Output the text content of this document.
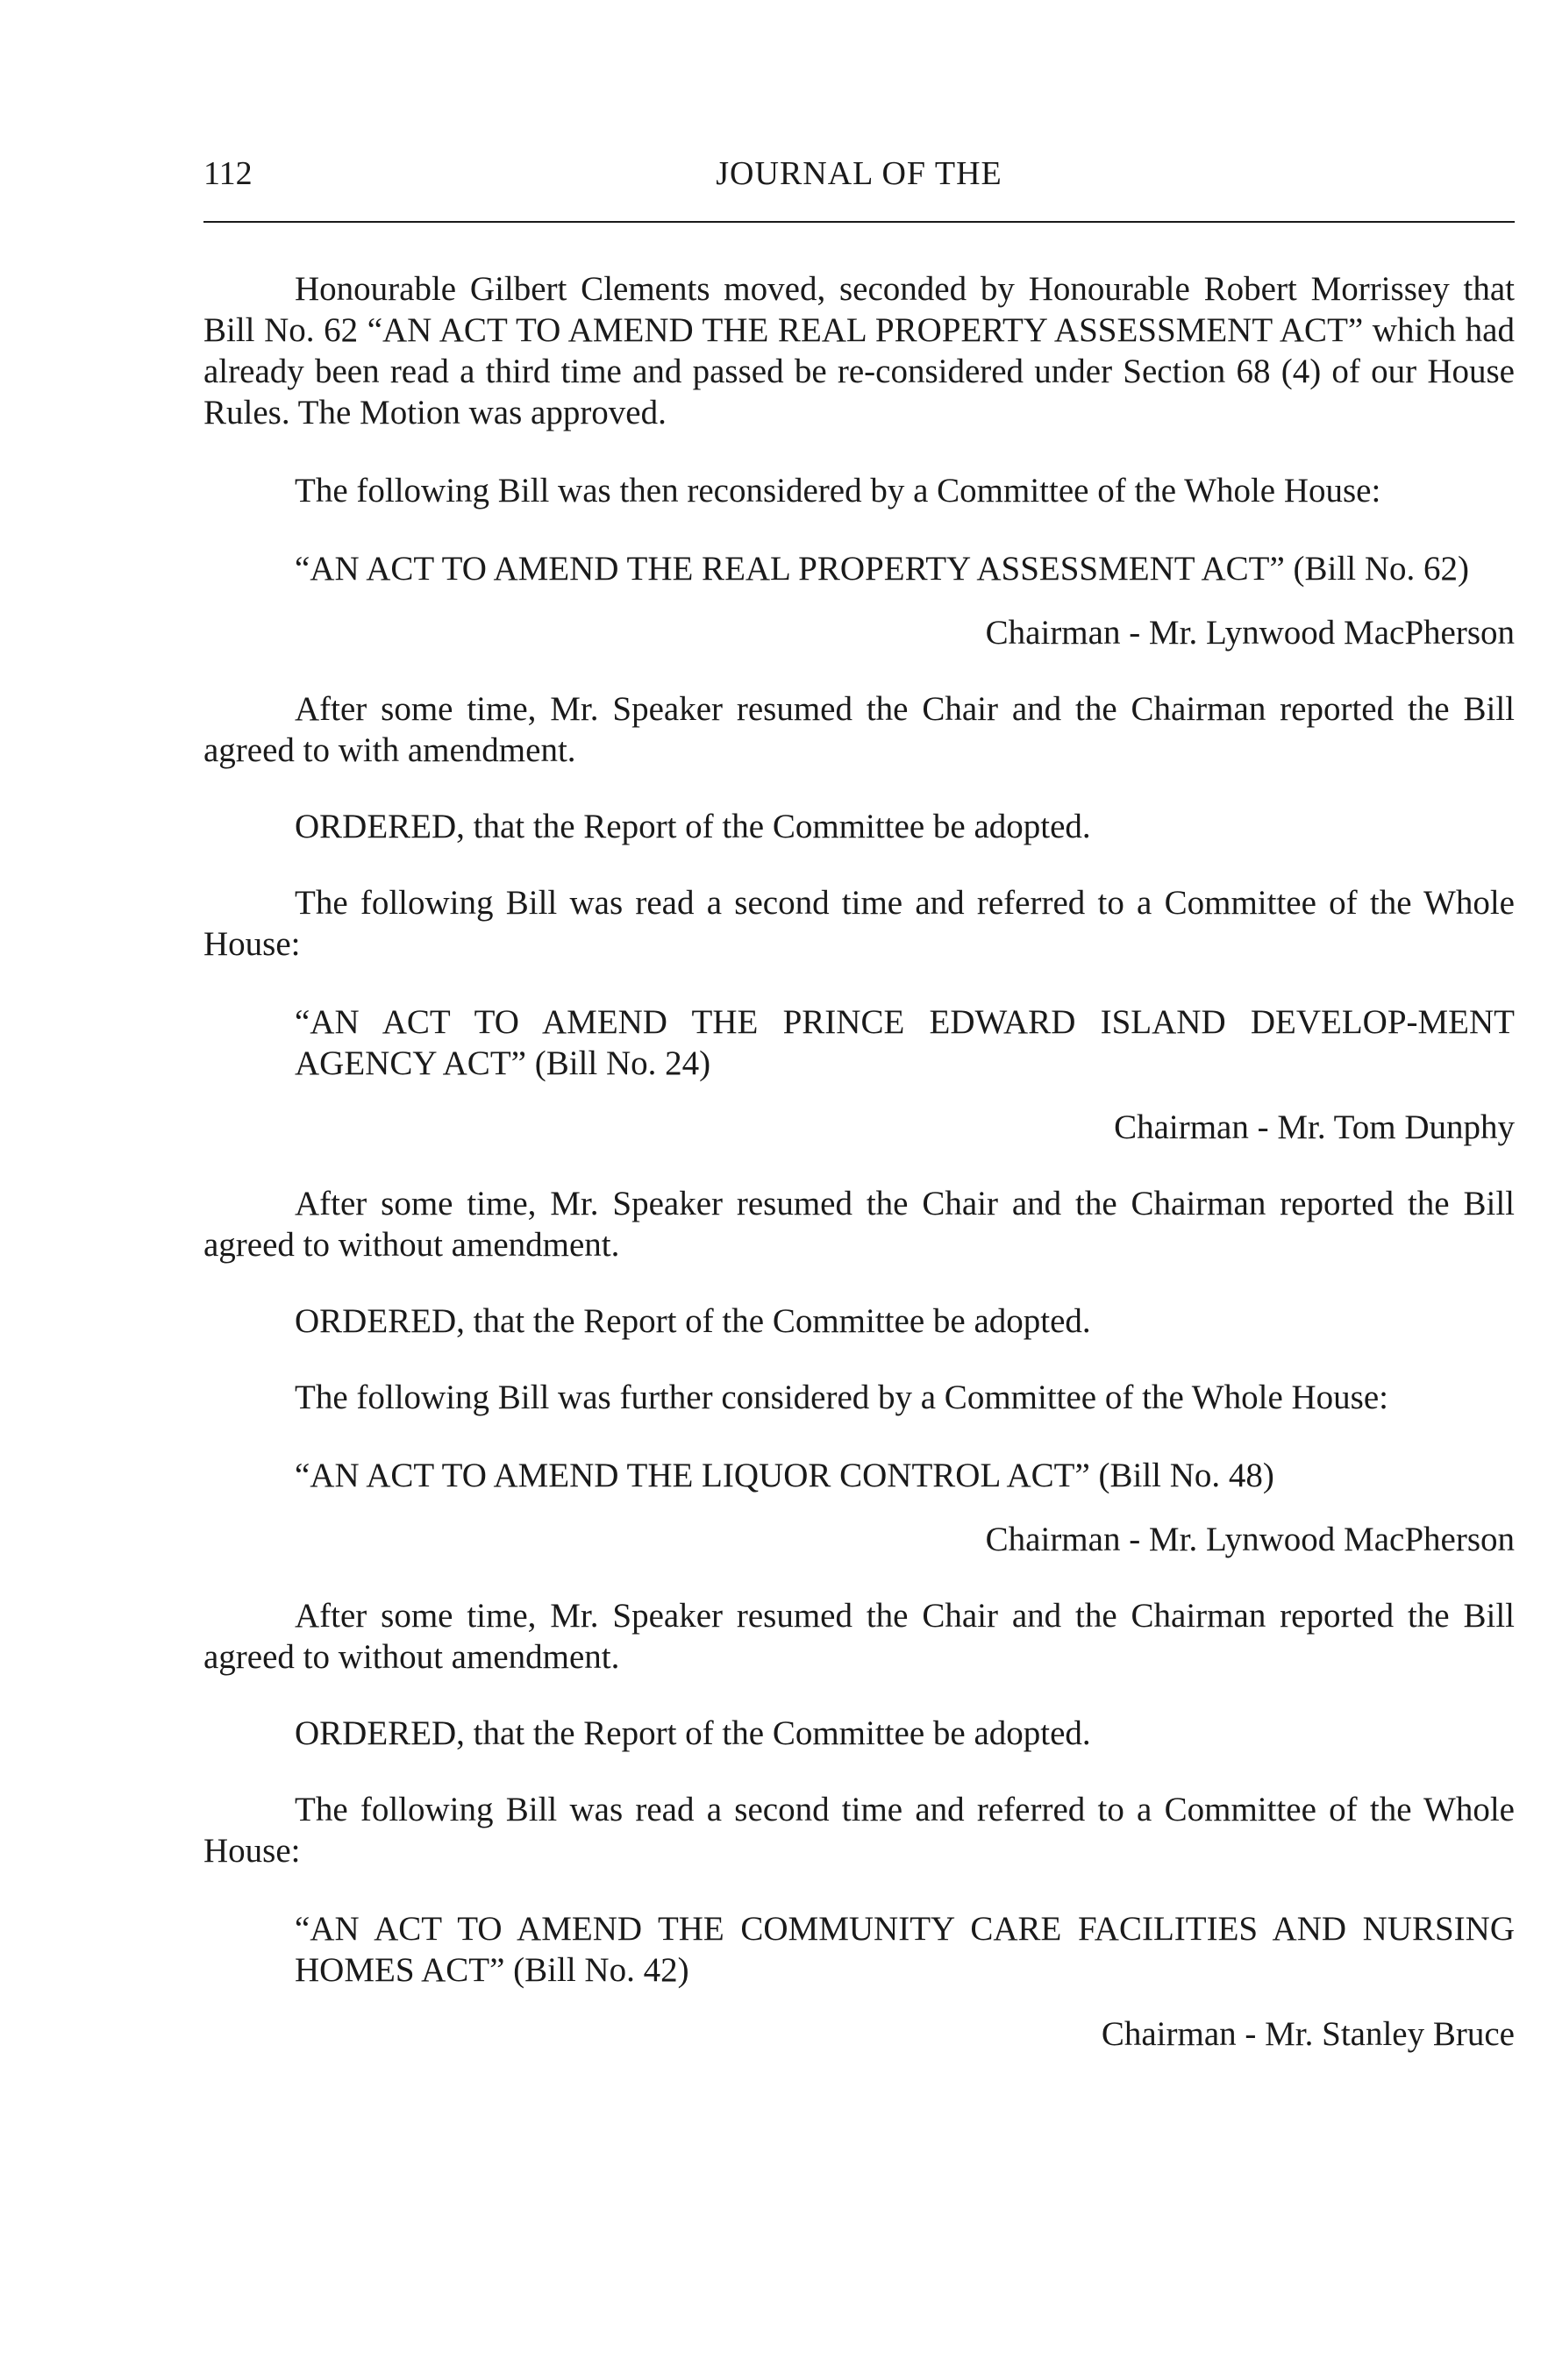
112	JOURNAL OF THE

Honourable Gilbert Clements moved, seconded by Honourable Robert Morrissey that Bill No. 62 “AN ACT TO AMEND THE REAL PROPERTY ASSESSMENT ACT” which had already been read a third time and passed be re-considered under Section 68 (4) of our House Rules. The Motion was approved.

The following Bill was then reconsidered by a Committee of the Whole House:

“AN ACT TO AMEND THE REAL PROPERTY ASSESSMENT ACT” (Bill No. 62)

Chairman - Mr. Lynwood MacPherson

After some time, Mr. Speaker resumed the Chair and the Chairman reported the Bill agreed to with amendment.

ORDERED, that the Report of the Committee be adopted.

The following Bill was read a second time and referred to a Committee of the Whole House:

“AN ACT TO AMEND THE PRINCE EDWARD ISLAND DEVELOP-MENT AGENCY ACT” (Bill No. 24)

Chairman - Mr. Tom Dunphy

After some time, Mr. Speaker resumed the Chair and the Chairman reported the Bill agreed to without amendment.

ORDERED, that the Report of the Committee be adopted.

The following Bill was further considered by a Committee of the Whole House:

“AN ACT TO AMEND THE LIQUOR CONTROL ACT” (Bill No. 48)

Chairman - Mr. Lynwood MacPherson

After some time, Mr. Speaker resumed the Chair and the Chairman reported the Bill agreed to without amendment.

ORDERED, that the Report of the Committee be adopted.

The following Bill was read a second time and referred to a Committee of the Whole House:

“AN ACT TO AMEND THE COMMUNITY CARE FACILITIES AND NURSING HOMES ACT” (Bill No. 42)

Chairman - Mr. Stanley Bruce
